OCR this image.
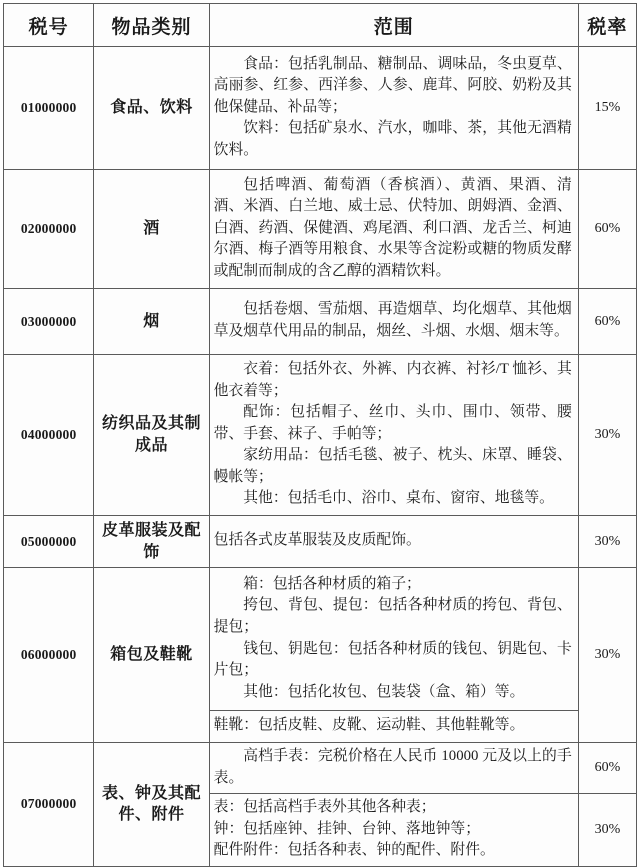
税号	物品类别	范围	税率
01000000	食品、饮料	食品：包括乳制品、糖制品、调味品，冬虫夏草、高丽参、红参、西洋参、人参、鹿茸、阿胶、奶粉及其他保健品、补品等；

饮料：包括矿泉水、汽水，咖啡、茶，其他无酒精饮料。	15%
02000000	酒	包括啤酒、葡萄酒（香槟酒）、黄酒、果酒、清酒、米酒、白兰地、威士忌、伏特加、朗姆酒、金酒、白酒、药酒、保健酒、鸡尾酒、利口酒、龙舌兰、柯迪尔酒、梅子酒等用粮食、水果等含淀粉或糖的物质发酵或配制而制成的含乙醇的酒精饮料。	60%
03000000	烟	包括卷烟、雪茄烟、再造烟草、均化烟草、其他烟草及烟草代用品的制品，烟丝、斗烟、水烟、烟末等。	60%
04000000	纺织品及其制成品	衣着：包括外衣、外裤、内衣裤、衬衫/T 恤衫、其他衣着等；

配饰：包括帽子、丝巾、头巾、围巾、领带、腰带、手套、袜子、手帕等；

家纺用品：包括毛毯、被子、枕头、床罩、睡袋、幔帐等；

其他：包括毛巾、浴巾、桌布、窗帘、地毯等。	30%
05000000	皮革服装及配饰	包括各式皮革服装及皮质配饰。	30%
06000000	箱包及鞋靴	箱：包括各种材质的箱子；

挎包、背包、提包：包括各种材质的挎包、背包、提包；

钱包、钥匙包：包括各种材质的钱包、钥匙包、卡片包；

其他：包括化妆包、包装袋（盒、箱）等。	30%

		鞋靴：包括皮鞋、皮靴、运动鞋、其他鞋靴等。	

07000000	表、钟及其配件、附件	高档手表：完税价格在人民币 10000 元及以上的手表。	60%

		表：包括高档手表外其他各种表；

钟：包括座钟、挂钟、台钟、落地钟等；

配件附件：包括各种表、钟的配件、附件。	30%
